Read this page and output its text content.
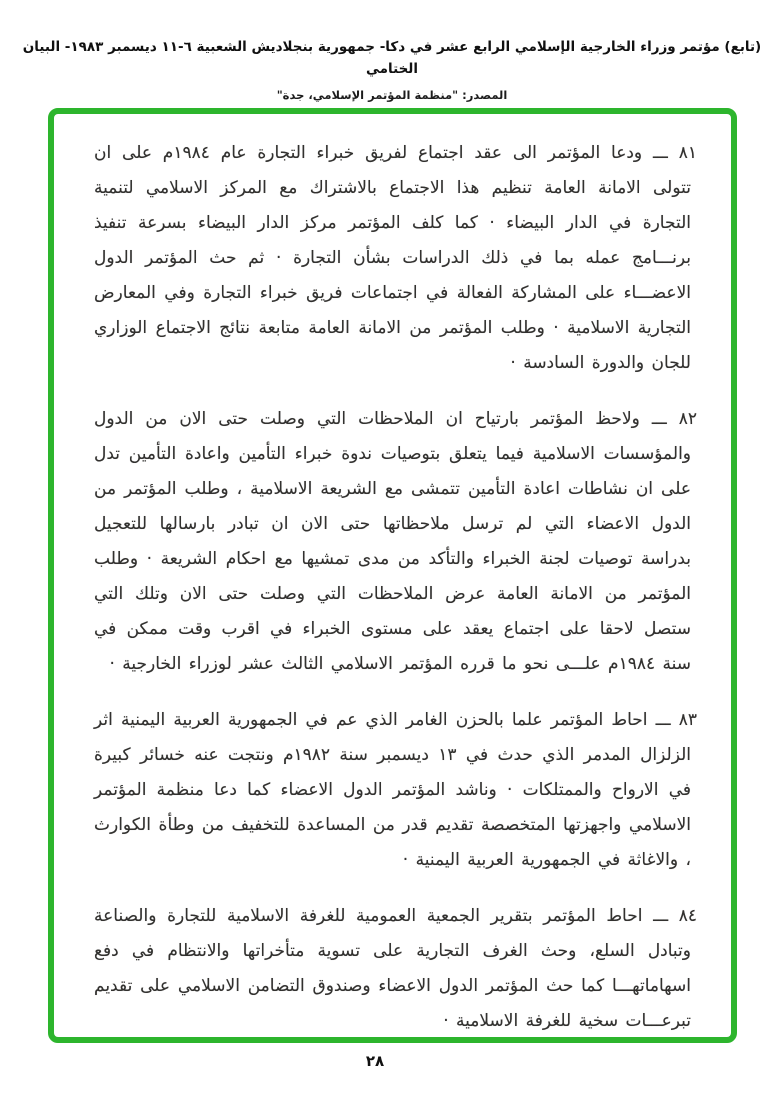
(تابع) مؤتمر وزراء الخارجية الإسلامي الرابع عشر في دكا- جمهورية بنجلاديش الشعبية ٦-١١ ديسمبر ١٩٨٣- البيان الختامي
المصدر: "منظمة المؤتمر الإسلامي، جدة"

٨١ ـــ ودعا المؤتمر الى عقد اجتماع لفريق خبراء التجارة عام ١٩٨٤م على ان تتولى الامانة العامة تنظيم هذا الاجتماع بالاشتراك مع المركز الاسلامي لتنمية التجارة في الدار البيضاء · كما كلف المؤتمر مركز الدار البيضاء بسرعة تنفيذ برنـــامج عمله بما في ذلك الدراسات بشأن التجارة · ثم حث المؤتمر الدول الاعضـــاء على المشاركة الفعالة في اجتماعات فريق خبراء التجارة وفي المعارض التجارية الاسلامية · وطلب المؤتمر من الامانة العامة متابعة نتائج الاجتماع الوزاري للجان والدورة السادسة ·

٨٢ ـــ ولاحظ المؤتمر بارتياح ان الملاحظات التي وصلت حتى الان من الدول والمؤسسات الاسلامية فيما يتعلق بتوصيات ندوة خبراء التأمين واعادة التأمين تدل على ان نشاطات اعادة التأمين تتمشى مع الشريعة الاسلامية ، وطلب المؤتمر من الدول الاعضاء التي لم ترسل ملاحظاتها حتى الان ان تبادر بارسالها للتعجيل بدراسة توصيات لجنة الخبراء والتأكد من مدى تمشيها مع احكام الشريعة · وطلب المؤتمر من الامانة العامة عرض الملاحظات التي وصلت حتى الان وتلك التي ستصل لاحقا على اجتماع يعقد على مستوى الخبراء في اقرب وقت ممكن في سنة ١٩٨٤م علـــى نحو ما قرره المؤتمر الاسلامي الثالث عشر لوزراء الخارجية ·

٨٣ ـــ احاط المؤتمر علما بالحزن الغامر الذي عم في الجمهورية العربية اليمنية اثر الزلزال المدمر الذي حدث في ١٣ ديسمبر سنة ١٩٨٢م ونتجت عنه خسائر كبيرة في الارواح والممتلكات · وناشد المؤتمر الدول الاعضاء كما دعا منظمة المؤتمر الاسلامي واجهزتها المتخصصة تقديم قدر من المساعدة للتخفيف من وطأة الكوارث ، والاغاثة في الجمهورية العربية اليمنية ·

٨٤ ـــ احاط المؤتمر بتقرير الجمعية العمومية للغرفة الاسلامية للتجارة والصناعة وتبادل السلع، وحث الغرف التجارية على تسوية متأخراتها والانتظام في دفع اسهاماتهـــا كما حث المؤتمر الدول الاعضاء وصندوق التضامن الاسلامي على تقديم تبرعـــات سخية للغرفة الاسلامية ·

٢٨
